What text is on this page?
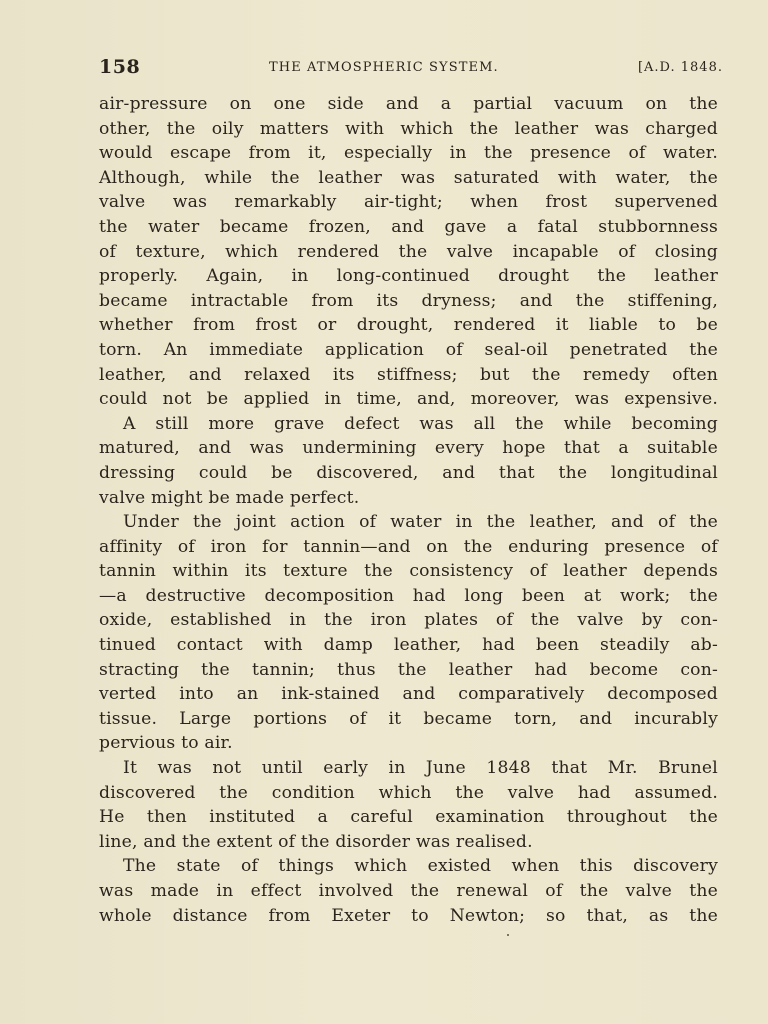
158	THE ATMOSPHERIC SYSTEM.	[A.D. 1848.
air-pressure on one side and a partial vacuum on the
other, the oily matters with which the leather was charged
would escape from it, especially in the presence of water.
Although, while the leather was saturated with water, the
valve was remarkably air-tight; when frost supervened
the water became frozen, and gave a fatal stubbornness
of texture, which rendered the valve incapable of closing
properly. Again, in long-continued drought the leather
became intractable from its dryness; and the stiffening,
whether from frost or drought, rendered it liable to be
torn. An immediate application of seal-oil penetrated the
leather, and relaxed its stiffness; but the remedy often
could not be applied in time, and, moreover, was expensive.
A still more grave defect was all the while becoming
matured, and was undermining every hope that a suitable
dressing could be discovered, and that the longitudinal
valve might be made perfect.
Under the joint action of water in the leather, and of the
affinity of iron for tannin—and on the enduring presence of
tannin within its texture the consistency of leather depends
—a destructive decomposition had long been at work; the
oxide, established in the iron plates of the valve by con-
tinued contact with damp leather, had been steadily ab-
stracting the tannin; thus the leather had become con-
verted into an ink-stained and comparatively decomposed
tissue. Large portions of it became torn, and incurably
pervious to air.
It was not until early in June 1848 that Mr. Brunel
discovered the condition which the valve had assumed.
He then instituted a careful examination throughout the
line, and the extent of the disorder was realised.
The state of things which existed when this discovery
was made in effect involved the renewal of the valve the
whole distance from Exeter to Newton; so that, as the
